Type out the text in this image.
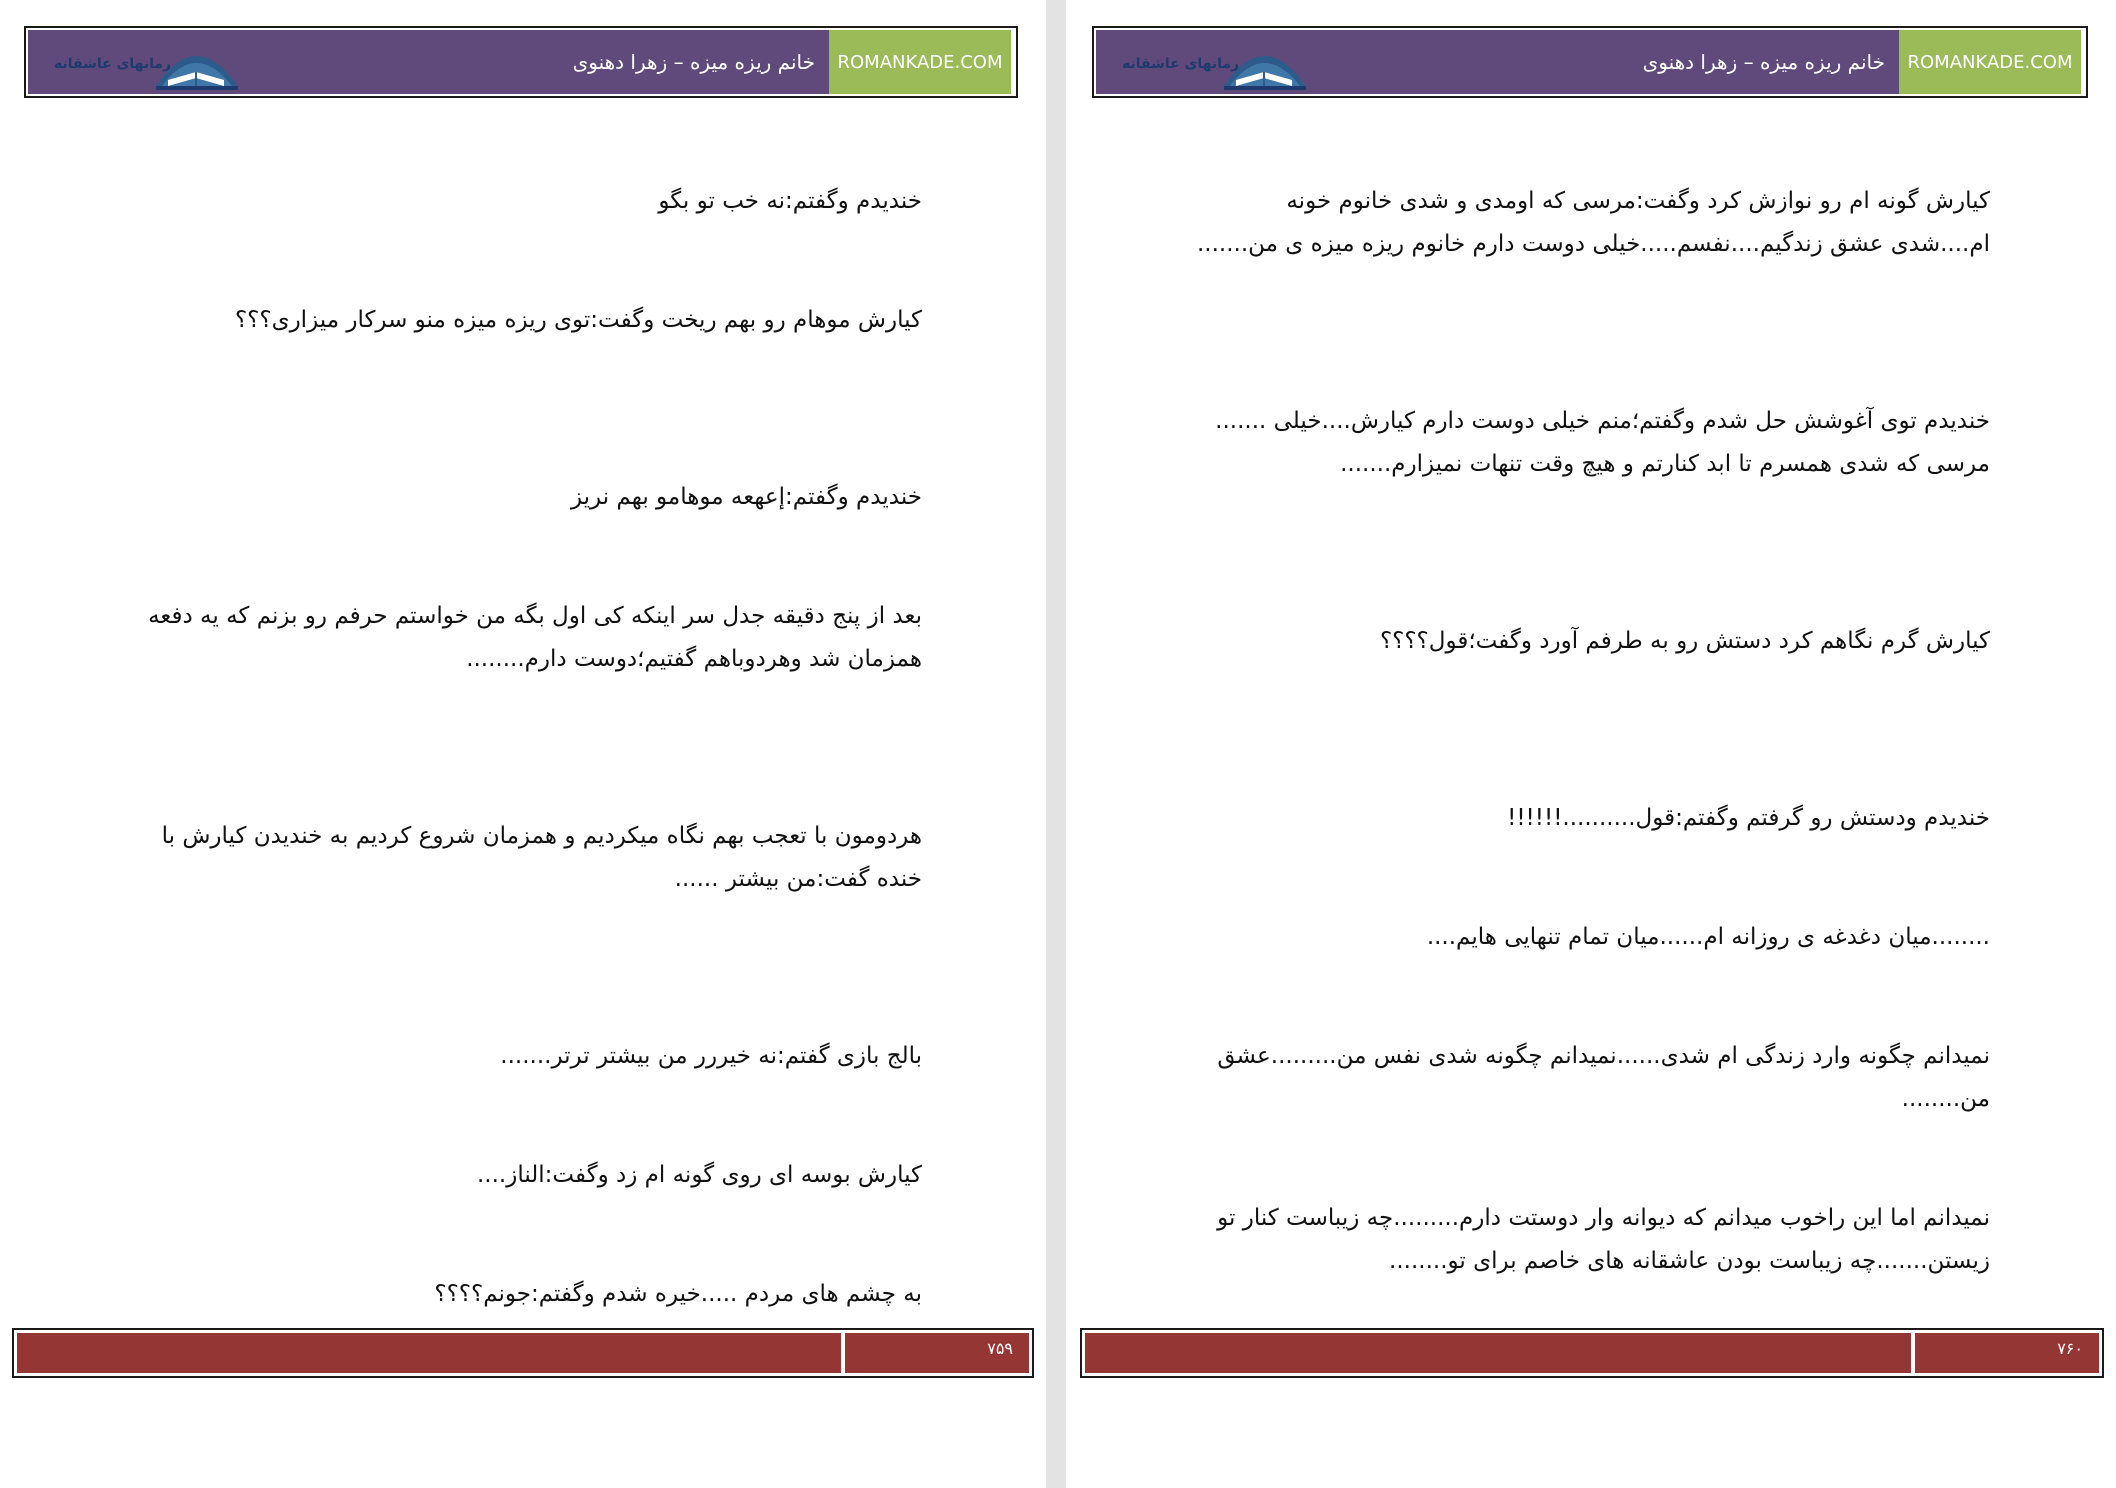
ROMANKADE.COM
رمانهای عاشقانه	خانم ریزه میزه – زهرا دهنوی

خندیدم وگفتم:نه خب تو بگو

کیارش موهام رو بهم ریخت وگفت:توی ریزه میزه منو سرکار میزاری؟؟؟

خندیدم وگفتم:إعهعه موهامو بهم نریز

بعد از پنج دقیقه جدل سر اینکه کی اول بگه من خواستم حرفم رو بزنم که یه دفعه همزمان شد وهردوباهم گفتیم؛دوست دارم........

هردومون با تعجب بهم نگاه میکردیم و همزمان شروع کردیم به خندیدن کیارش با خنده گفت:من بیشتر ......

بالج بازی گفتم:نه خیررر من بیشتر ترتر.......

کیارش بوسه ای روی گونه ام زد وگفت:الناز....

به چشم های مردم .....خیره شدم وگفتم:جونم؟؟؟؟

۷۵۹
ROMANKADE.COM
رمانهای عاشقانه	خانم ریزه میزه – زهرا دهنوی

کیارش گونه ام رو نوازش کرد وگفت:مرسی که اومدی و شدی خانوم خونه ام....شدی عشق زندگیم....نفسم.....خیلی دوست دارم خانوم ریزه میزه ی من.......

خندیدم توی آغوشش حل شدم وگفتم؛منم خیلی دوست دارم کیارش....خیلی ....... مرسی که شدی همسرم تا ابد کنارتم و هیچ وقت تنهات نمیزارم.......

کیارش گرم نگاهم کرد دستش رو به طرفم آورد وگفت؛قول؟؟؟؟

خندیدم ودستش رو گرفتم وگفتم:قول..........!!!!!!

........میان دغدغه ی روزانه ام......میان تمام تنهایی هایم....

نمیدانم چگونه وارد زندگی ام شدی......نمیدانم چگونه شدی نفس من.........عشق من........

نمیدانم اما این راخوب میدانم که دیوانه وار دوستت دارم.........چه زیباست کنار تو زیستن.......چه زیباست بودن عاشقانه های خاصم برای تو........

۷۶۰
